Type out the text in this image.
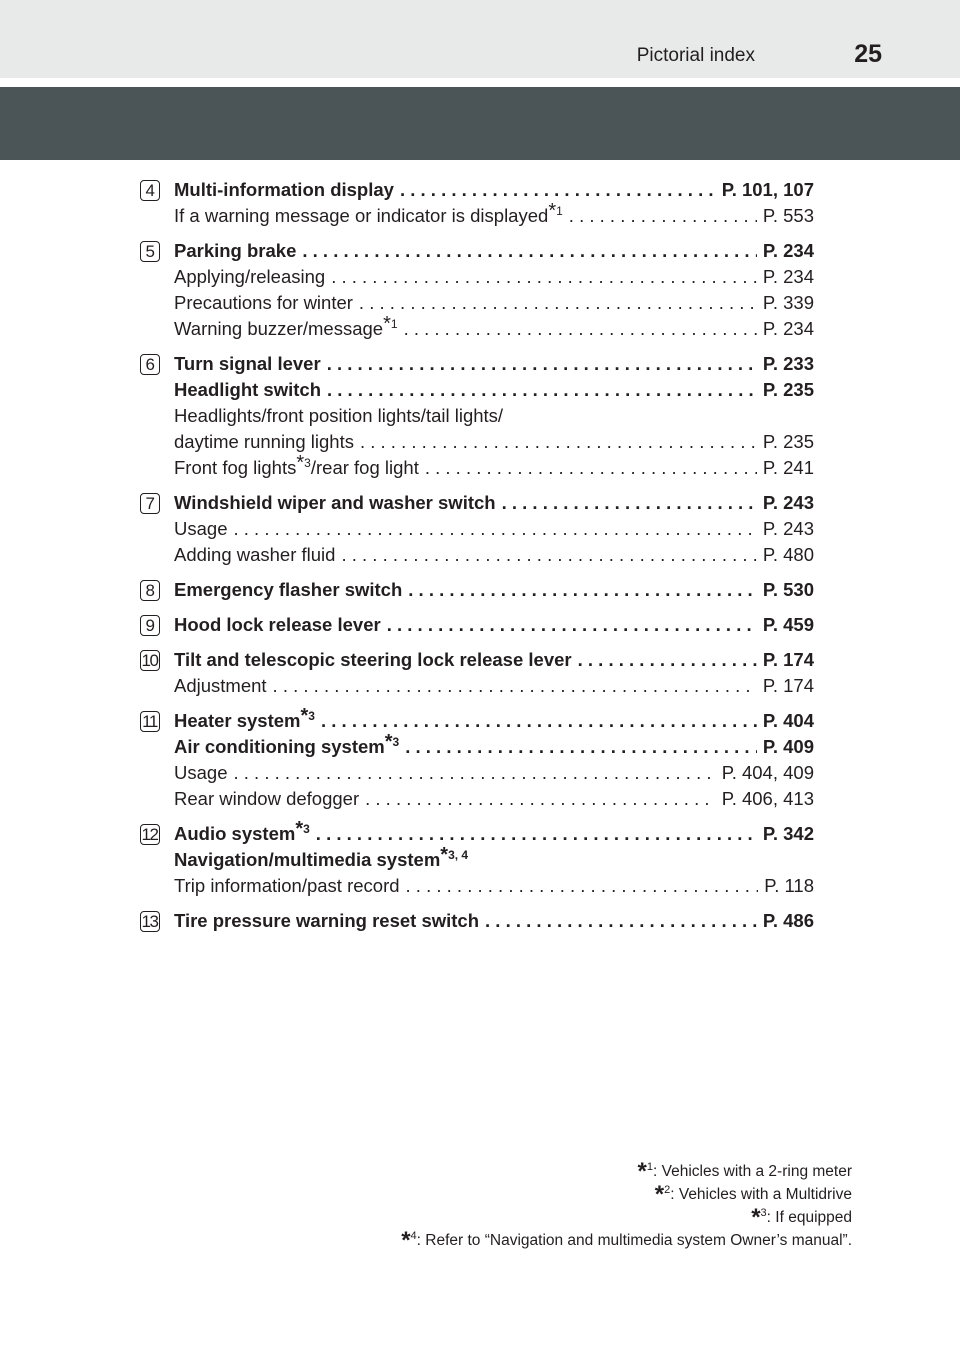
Pictorial index	25
4	Multi-information display . . .	P. 101, 107
If a warning message or indicator is displayed$^{*1}$ . . .	P. 553
5	Parking brake . . .	P. 234
Applying/releasing . . .	P. 234
Precautions for winter . . .	P. 339
Warning buzzer/message$^{*1}$ . . .	P. 234
6	Turn signal lever . . .	P. 233
Headlight switch . . .	P. 235
Headlights/front position lights/tail lights/
daytime running lights . . .	P. 235
Front fog lights$^{*3}$/rear fog light . . .	P. 241
7	Windshield wiper and washer switch . . .	P. 243
Usage . . .	P. 243
Adding washer fluid . . .	P. 480
8	Emergency flasher switch . . .	P. 530
9	Hood lock release lever . . .	P. 459
10 Tilt and telescopic steering lock release lever . . .	P. 174
Adjustment . . .	P. 174
11 Heater system$^{*3}$ . . .	P. 404
Air conditioning system$^{*3}$ . . .	P. 409
Usage . . .	P. 404, 409
Rear window defogger . . .	P. 406, 413
12 Audio system$^{*3}$ . . .	P. 342
Navigation/multimedia system$^{*3, 4}$
Trip information/past record . . .	P. 118
13 Tire pressure warning reset switch . . .	P. 486
*$^1$: Vehicles with a 2-ring meter
*$^2$: Vehicles with a Multidrive
*$^3$: If equipped
*$^4$: Refer to “Navigation and multimedia system Owner’s manual”.
